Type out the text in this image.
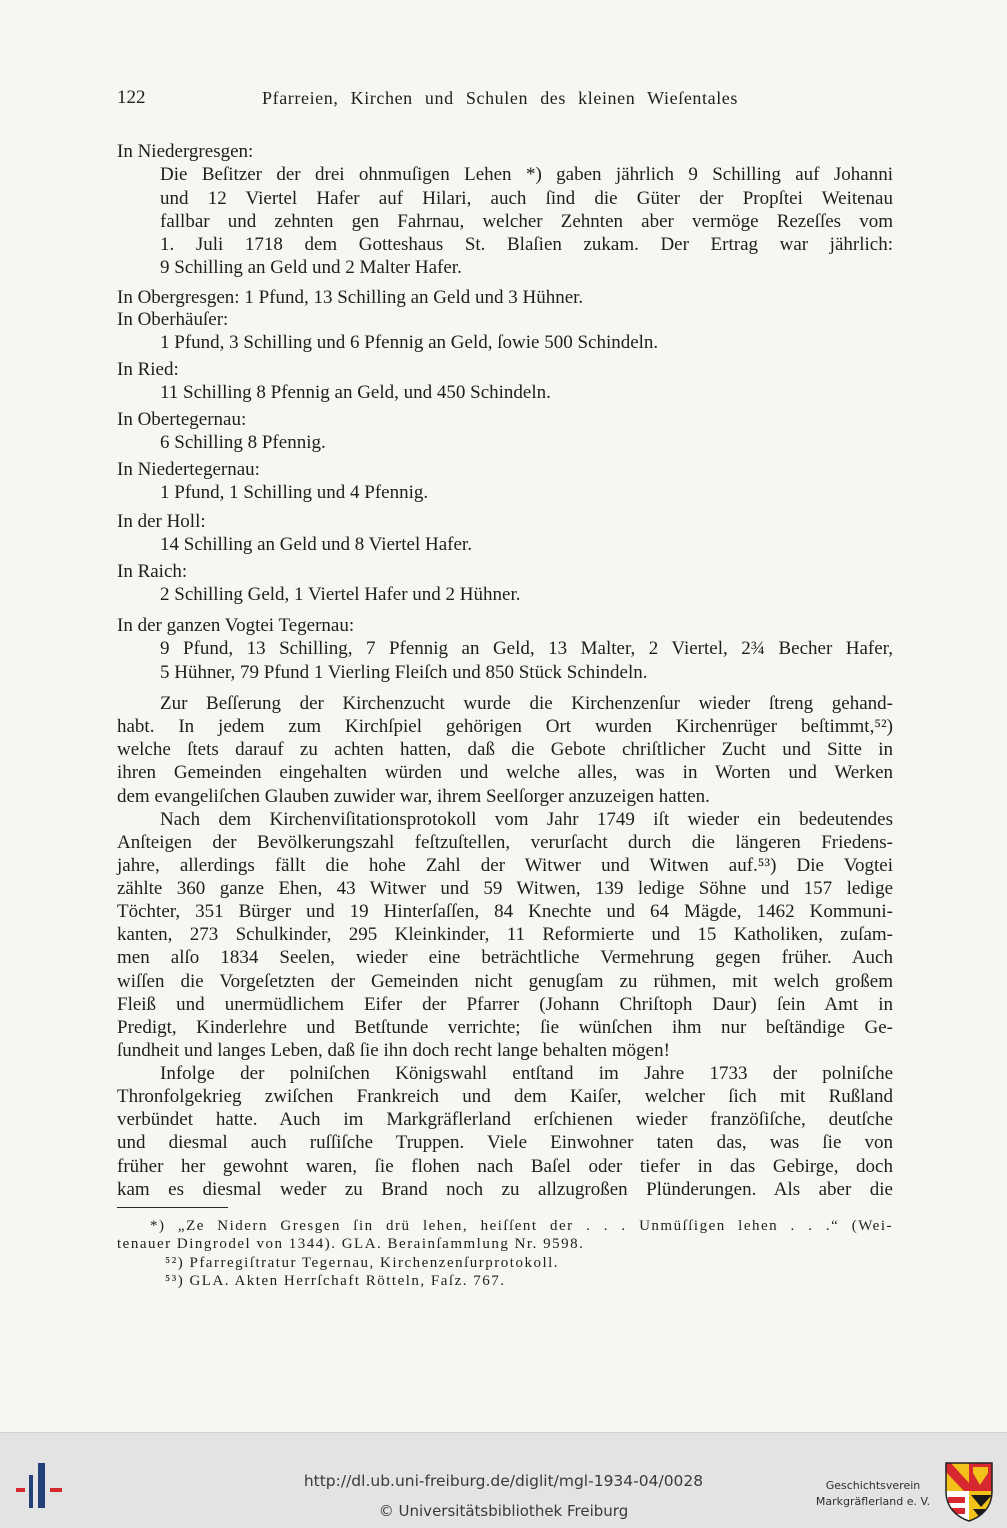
122	Pfarreien, Kirchen und Schulen des kleinen Wieſentales
In Niedergresgen:
Die Beſitzer der drei ohnmuſigen Lehen *) gaben jährlich 9 Schilling auf Johanni
und 12 Viertel Hafer auf Hilari, auch ſind die Güter der Propſtei Weitenau
fallbar und zehnten gen Fahrnau, welcher Zehnten aber vermöge Rezeſſes vom
1. Juli 1718 dem Gotteshaus St. Blaſien zukam. Der Ertrag war jährlich:
9 Schilling an Geld und 2 Malter Hafer.
In Obergresgen: 1 Pfund, 13 Schilling an Geld und 3 Hühner.
In Oberhäuſer:
1 Pfund, 3 Schilling und 6 Pfennig an Geld, ſowie 500 Schindeln.
In Ried:
11 Schilling 8 Pfennig an Geld, und 450 Schindeln.
In Obertegernau:
6 Schilling 8 Pfennig.
In Niedertegernau:
1 Pfund, 1 Schilling und 4 Pfennig.
In der Holl:
14 Schilling an Geld und 8 Viertel Hafer.
In Raich:
2 Schilling Geld, 1 Viertel Hafer und 2 Hühner.
In der ganzen Vogtei Tegernau:
9 Pfund, 13 Schilling, 7 Pfennig an Geld, 13 Malter, 2 Viertel, 2¾ Becher Hafer,
5 Hühner, 79 Pfund 1 Vierling Fleiſch und 850 Stück Schindeln.
Zur Beſſerung der Kirchenzucht wurde die Kirchenzenſur wieder ſtreng gehand-
habt. In jedem zum Kirchſpiel gehörigen Ort wurden Kirchenrüger beſtimmt,⁵²)
welche ſtets darauf zu achten hatten, daß die Gebote chriſtlicher Zucht und Sitte in
ihren Gemeinden eingehalten würden und welche alles, was in Worten und Werken
dem evangeliſchen Glauben zuwider war, ihrem Seelſorger anzuzeigen hatten.
Nach dem Kirchenviſitationsprotokoll vom Jahr 1749 iſt wieder ein bedeutendes
Anſteigen der Bevölkerungszahl feſtzuſtellen, verurſacht durch die längeren Friedens-
jahre, allerdings fällt die hohe Zahl der Witwer und Witwen auf.⁵³) Die Vogtei
zählte 360 ganze Ehen, 43 Witwer und 59 Witwen, 139 ledige Söhne und 157 ledige
Töchter, 351 Bürger und 19 Hinterſaſſen, 84 Knechte und 64 Mägde, 1462 Kommuni-
kanten, 273 Schulkinder, 295 Kleinkinder, 11 Reformierte und 15 Katholiken, zuſam-
men alſo 1834 Seelen, wieder eine beträchtliche Vermehrung gegen früher. Auch
wiſſen die Vorgeſetzten der Gemeinden nicht genugſam zu rühmen, mit welch großem
Fleiß und unermüdlichem Eifer der Pfarrer (Johann Chriſtoph Daur) ſein Amt in
Predigt, Kinderlehre und Betſtunde verrichte; ſie wünſchen ihm nur beſtändige Ge-
ſundheit und langes Leben, daß ſie ihn doch recht lange behalten mögen!
Infolge der polniſchen Königswahl entſtand im Jahre 1733 der polniſche
Thronfolgekrieg zwiſchen Frankreich und dem Kaiſer, welcher ſich mit Rußland
verbündet hatte. Auch im Markgräflerland erſchienen wieder franzöſiſche, deutſche
und diesmal auch ruſſiſche Truppen. Viele Einwohner taten das, was ſie von
früher her gewohnt waren, ſie flohen nach Baſel oder tiefer in das Gebirge, doch
kam es diesmal weder zu Brand noch zu allzugroßen Plünderungen. Als aber die
*) „Ze Nidern Gresgen ſin drü lehen, heiſſent der . . . Unmüſſigen lehen . . .“ (Wei-
tenauer Dingrodel von 1344). GLA. Berainſammlung Nr. 9598.
⁵²) Pfarregiſtratur Tegernau, Kirchenzenſurprotokoll.
⁵³) GLA. Akten Herrſchaft Rötteln, Faſz. 767.
http://dl.ub.uni-freiburg.de/diglit/mgl-1934-04/0028
© Universitätsbibliothek Freiburg
Geschichtsverein
Markgräflerland e. V.
